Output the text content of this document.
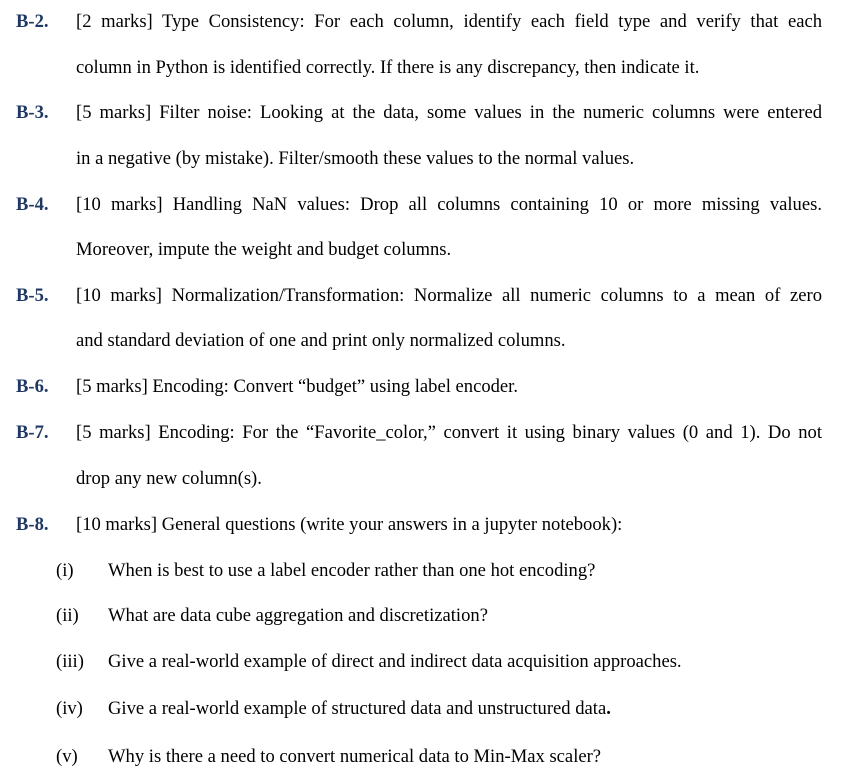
B-2. [2 marks] Type Consistency: For each column, identify each field type and verify that each
column in Python is identified correctly. If there is any discrepancy, then indicate it.
B-3. [5 marks] Filter noise: Looking at the data, some values in the numeric columns were entered
in a negative (by mistake). Filter/smooth these values to the normal values.
B-4. [10 marks] Handling NaN values: Drop all columns containing 10 or more missing values.
Moreover, impute the weight and budget columns.
B-5. [10 marks] Normalization/Transformation: Normalize all numeric columns to a mean of zero
and standard deviation of one and print only normalized columns.
B-6. [5 marks] Encoding: Convert “budget” using label encoder.
B-7. [5 marks] Encoding: For the “Favorite_color,” convert it using binary values (0 and 1). Do not
drop any new column(s).
B-8. [10 marks] General questions (write your answers in a jupyter notebook):
(i) When is best to use a label encoder rather than one hot encoding?
(ii) What are data cube aggregation and discretization?
(iii) Give a real-world example of direct and indirect data acquisition approaches.
(iv) Give a real-world example of structured data and unstructured data.
(v) Why is there a need to convert numerical data to Min-Max scaler?
